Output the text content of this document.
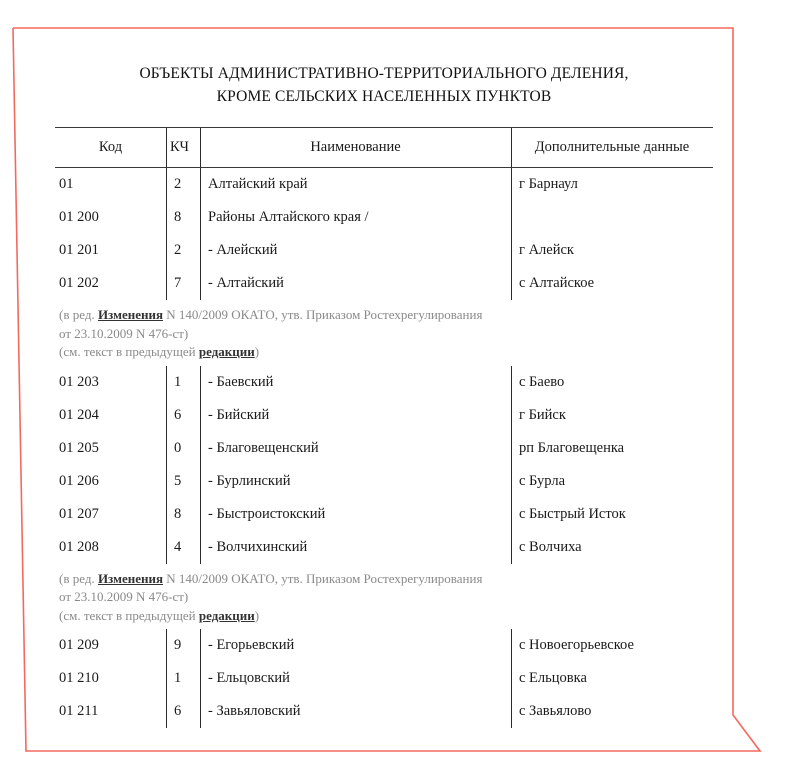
ОБЪЕКТЫ АДМИНИСТРАТИВНО-ТЕРРИТОРИАЛЬНОГО ДЕЛЕНИЯ,
КРОМЕ СЕЛЬСКИХ НАСЕЛЕННЫХ ПУНКТОВ
Код	КЧ	Наименование	Дополнительные данные
01	2	Алтайский край	г Барнаул
01 200	8	Районы Алтайского края /
01 201	2	- Алейский	г Алейск
01 202	7	- Алтайский	с Алтайское
(в ред. Изменения N 140/2009 ОКАТО, утв. Приказом Ростехрегулирования
от 23.10.2009 N 476-ст)
(см. текст в предыдущей редакции)
01 203	1	- Баевский	с Баево
01 204	6	- Бийский	г Бийск
01 205	0	- Благовещенский	рп Благовещенка
01 206	5	- Бурлинский	с Бурла
01 207	8	- Быстроистокский	с Быстрый Исток
01 208	4	- Волчихинский	с Волчиха
(в ред. Изменения N 140/2009 ОКАТО, утв. Приказом Ростехрегулирования
от 23.10.2009 N 476-ст)
(см. текст в предыдущей редакции)
01 209	9	- Егорьевский	с Новоегорьевское
01 210	1	- Ельцовский	с Ельцовка
01 211	6	- Завьяловский	с Завьялово
